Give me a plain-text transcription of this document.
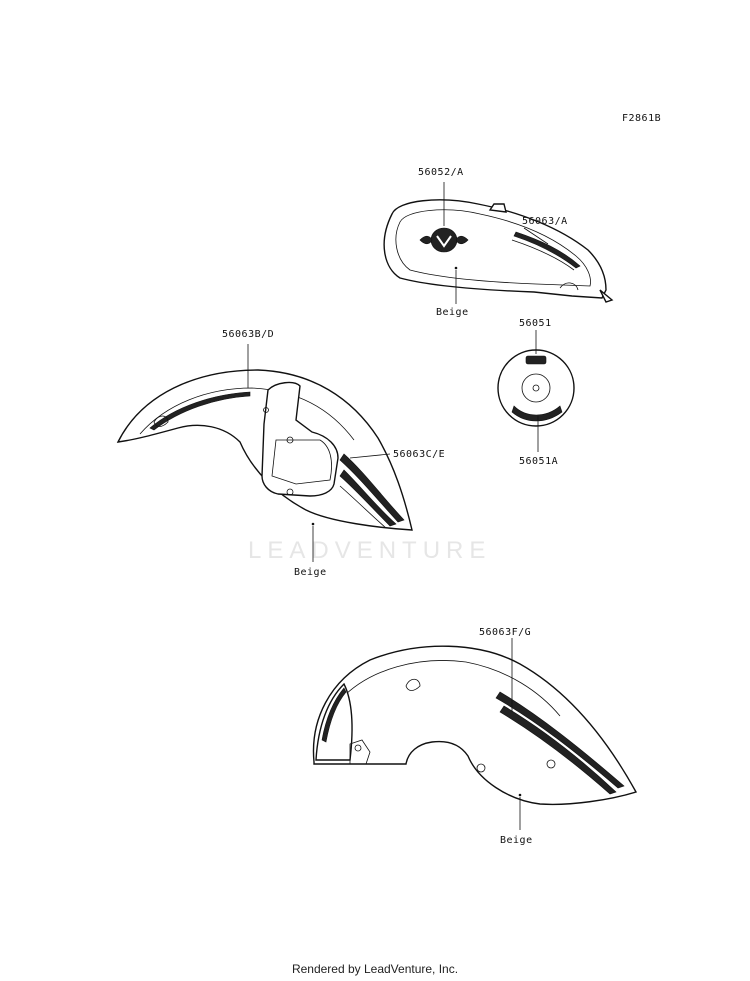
LEADVENTURE
F2861B
56052/A
56063/A
Beige
56051
56051A
56063B/D
56063C/E
Beige
56063F/G
Beige
Rendered by LeadVenture, Inc.
